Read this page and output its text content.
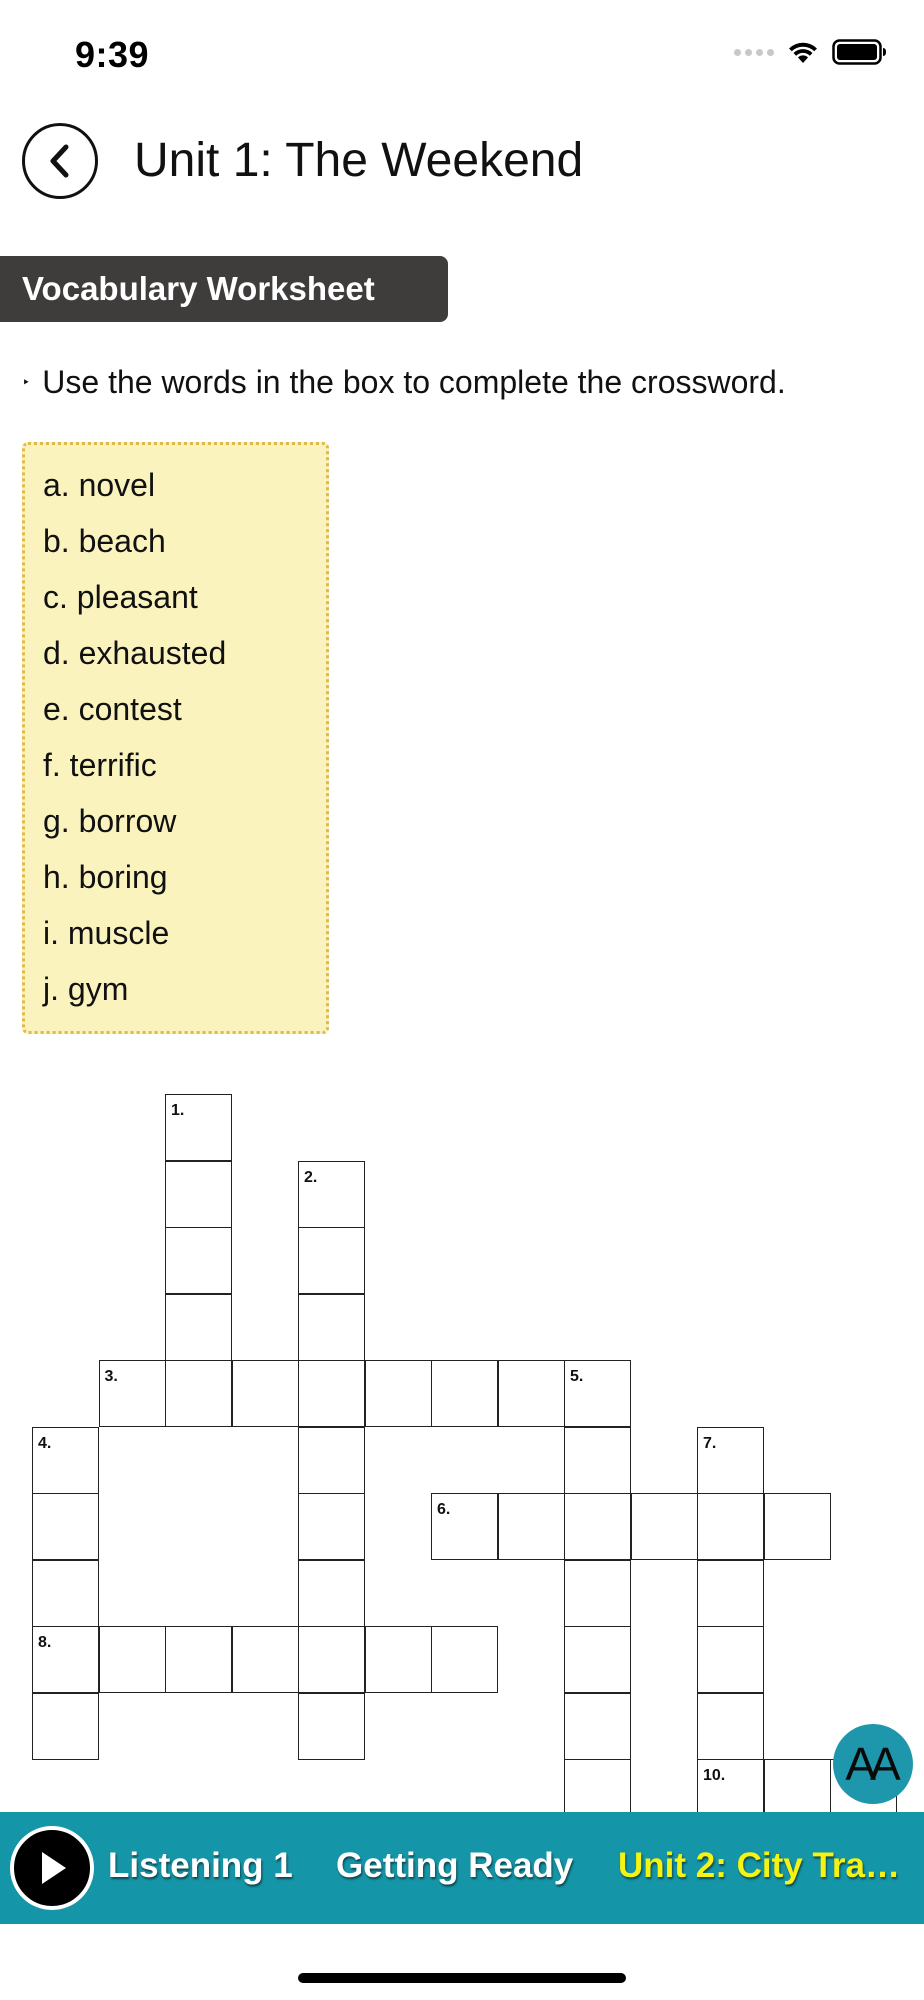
9:39
Unit 1: The Weekend
Vocabulary Worksheet
‣ Use the words in the box to complete the crossword.
a. novel
b. beach
c. pleasant
d. exhausted
e. contest
f. terrific
g. borrow
h. boring
i. muscle
j. gym
1.
2.
3.	5.
4.	7.
6.
8.
10.	AA
Listening 1 Getting Ready Unit 2: City Tra…
